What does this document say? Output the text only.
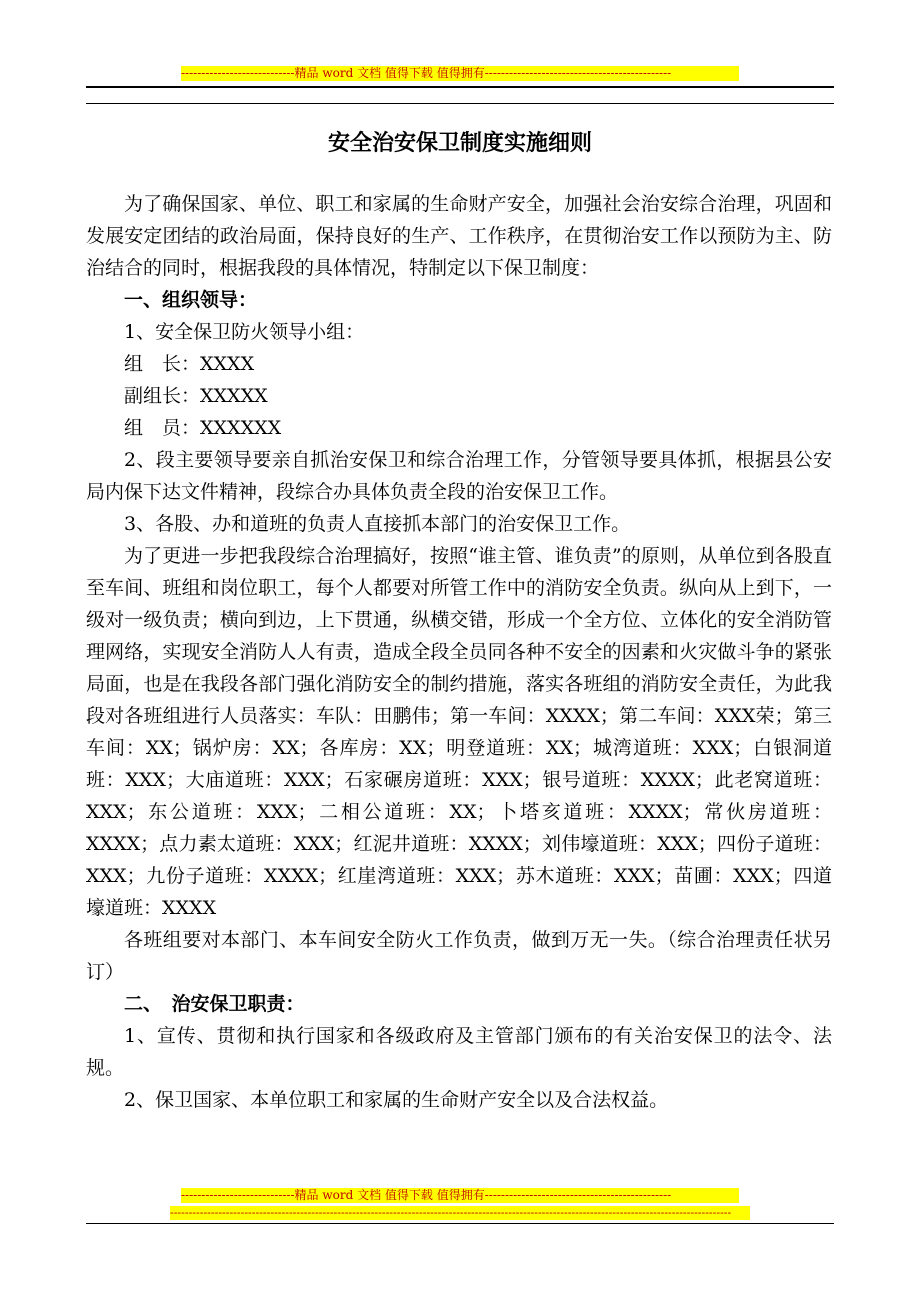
----------------------------精品 word 文档 值得下载 值得拥有----------------------------------------------
安全治安保卫制度实施细则

为了确保国家、单位、职工和家属的生命财产安全，加强社会治安综合治理，巩固和发展安定团结的政治局面，保持良好的生产、工作秩序，在贯彻治安工作以预防为主、防治结合的同时，根据我段的具体情况，特制定以下保卫制度：

一、组织领导：

1、安全保卫防火领导小组：

组　长：XXXX

副组长：XXXXX

组　员：XXXXXX

2、段主要领导要亲自抓治安保卫和综合治理工作，分管领导要具体抓，根据县公安局内保下达文件精神，段综合办具体负责全段的治安保卫工作。

3、各股、办和道班的负责人直接抓本部门的治安保卫工作。

为了更进一步把我段综合治理搞好，按照“谁主管、谁负责”的原则，从单位到各股直至车间、班组和岗位职工，每个人都要对所管工作中的消防安全负责。纵向从上到下，一级对一级负责；横向到边，上下贯通，纵横交错，形成一个全方位、立体化的安全消防管理网络，实现安全消防人人有责，造成全段全员同各种不安全的因素和火灾做斗争的紧张局面，也是在我段各部门强化消防安全的制约措施，落实各班组的消防安全责任，为此我段对各班组进行人员落实：车队：田鹏伟；第一车间：XXXX；第二车间：XXX荣；第三车间：XX；锅炉房：XX；各库房：XX；明登道班：XX；城湾道班：XXX；白银洞道班：XXX；大庙道班：XXX；石家碾房道班：XXX；银号道班：XXXX；此老窝道班：XXX；东公道班：XXX；二相公道班：XX；卜塔亥道班：XXXX；常伙房道班：XXXX；点力素太道班：XXX；红泥井道班：XXXX；刘伟壕道班：XXX；四份子道班：XXX；九份子道班：XXXX；红崖湾道班：XXX；苏木道班：XXX；苗圃：XXX；四道壕道班：XXXX

各班组要对本部门、本车间安全防火工作负责，做到万无一失。（综合治理责任状另订）

二、　治安保卫职责：

1、宣传、贯彻和执行国家和各级政府及主管部门颁布的有关治安保卫的法令、法规。

2、保卫国家、本单位职工和家属的生命财产安全以及合法权益。

----------------------------精品 word 文档 值得下载 值得拥有----------------------------------------------
-------------------------------------------------------------------------------------------------------------------------------------------------------
